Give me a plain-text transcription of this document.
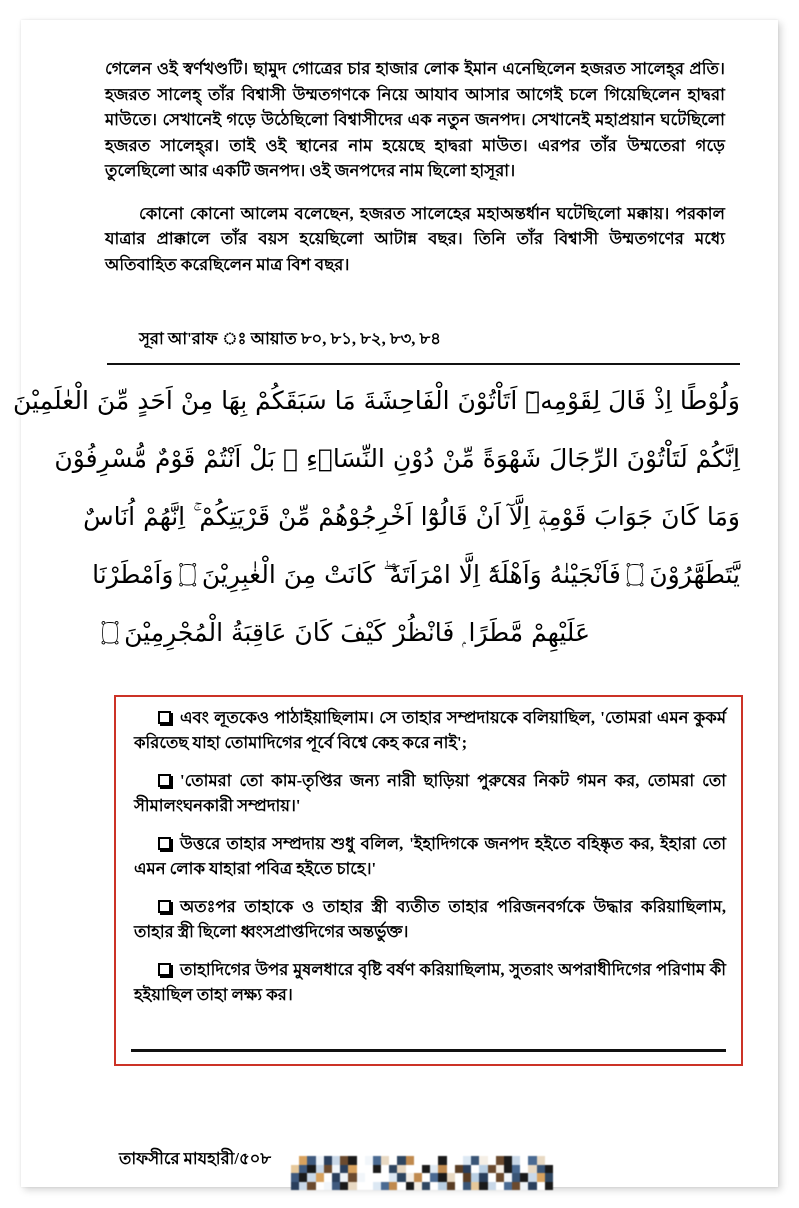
গেলেন ওই স্বর্ণখণ্ডটি। ছামুদ গোত্রের চার হাজার লোক ইমান এনেছিলেন হজরত সালেহ্‌র প্রতি। হজরত সালেহ্‌ তাঁর বিশ্বাসী উম্মতগণকে নিয়ে আযাব আসার আগেই চলে গিয়েছিলেন হাদ্বরা মাউতে। সেখানেই গড়ে উঠেছিলো বিশ্বাসীদের এক নতুন জনপদ। সেখানেই মহাপ্রয়ান ঘটেছিলো হজরত সালেহ্‌র। তাই ওই স্থানের নাম হয়েছে হাদ্বরা মাউত। এরপর তাঁর উম্মতেরা গড়ে তুলেছিলো আর একটি জনপদ। ওই জনপদের নাম ছিলো হাসূরা।

কোনো কোনো আলেম বলেছেন, হজরত সালেহের মহাঅন্তর্ধান ঘটেছিলো মক্কায়। পরকাল যাত্রার প্রাক্কালে তাঁর বয়স হয়েছিলো আটান্ন বছর। তিনি তাঁর বিশ্বাসী উম্মতগণের মধ্যে অতিবাহিত করেছিলেন মাত্র বিশ বছর।

সূরা আ'রাফ ঃ আয়াত ৮০, ৮১, ৮২, ৮৩, ৮৪
وَلُوْطًا اِذْ قَالَ لِقَوْمِهٖٓ اَتَاْتُوْنَ الْفَاحِشَةَ مَا سَبَقَكُمْ بِهَا مِنْ اَحَدٍ مِّنَ الْعٰلَمِيْنَ
اِنَّكُمْ لَتَاْتُوْنَ الرِّجَالَ شَهْوَةً مِّنْ دُوْنِ النِّسَاۤءِ ۝ بَلْ اَنْتُمْ قَوْمٌ مُّسْرِفُوْنَ
وَمَا كَانَ جَوَابَ قَوْمِهٖٓ اِلَّآ اَنْ قَالُوْٓا اَخْرِجُوْهُمْ مِّنْ قَرْيَتِكُمْ ۚ اِنَّهُمْ اُنَاسٌ
يَّتَطَهَّرُوْنَ ۝ فَاَنْجَيْنٰهُ وَاَهْلَهٗٓ اِلَّا امْرَاَتَهٗ ۖ كَانَتْ مِنَ الْغٰبِرِيْنَ ۝ وَاَمْطَرْنَا
عَلَيْهِمْ مَّطَرًا ۭ فَانْظُرْ كَيْفَ كَانَ عَاقِبَةُ الْمُجْرِمِيْنَ ۝

এবং লূতকেও পাঠাইয়াছিলাম। সে তাহার সম্প্রদায়কে বলিয়াছিল, 'তোমরা এমন কুকর্ম করিতেছ যাহা তোমাদিগের পূর্বে বিশ্বে কেহ করে নাই';

'তোমরা তো কাম-তৃপ্তির জন্য নারী ছাড়িয়া পুরুষের নিকট গমন কর, তোমরা তো সীমালংঘনকারী সম্প্রদায়।'

উত্তরে তাহার সম্প্রদায় শুধু বলিল, 'ইহাদিগকে জনপদ হইতে বহিষ্কৃত কর, ইহারা তো এমন লোক যাহারা পবিত্র হইতে চাহে।'

অতঃপর তাহাকে ও তাহার স্ত্রী ব্যতীত তাহার পরিজনবর্গকে উদ্ধার করিয়াছিলাম, তাহার স্ত্রী ছিলো ধ্বংসপ্রাপ্তদিগের অন্তর্ভুক্ত।

তাহাদিগের উপর মুষলধারে বৃষ্টি বর্ষণ করিয়াছিলাম, সুতরাং অপরাধীদিগের পরিণাম কী হইয়াছিল তাহা লক্ষ্য কর।

তাফসীরে মাযহারী/৫০৮
